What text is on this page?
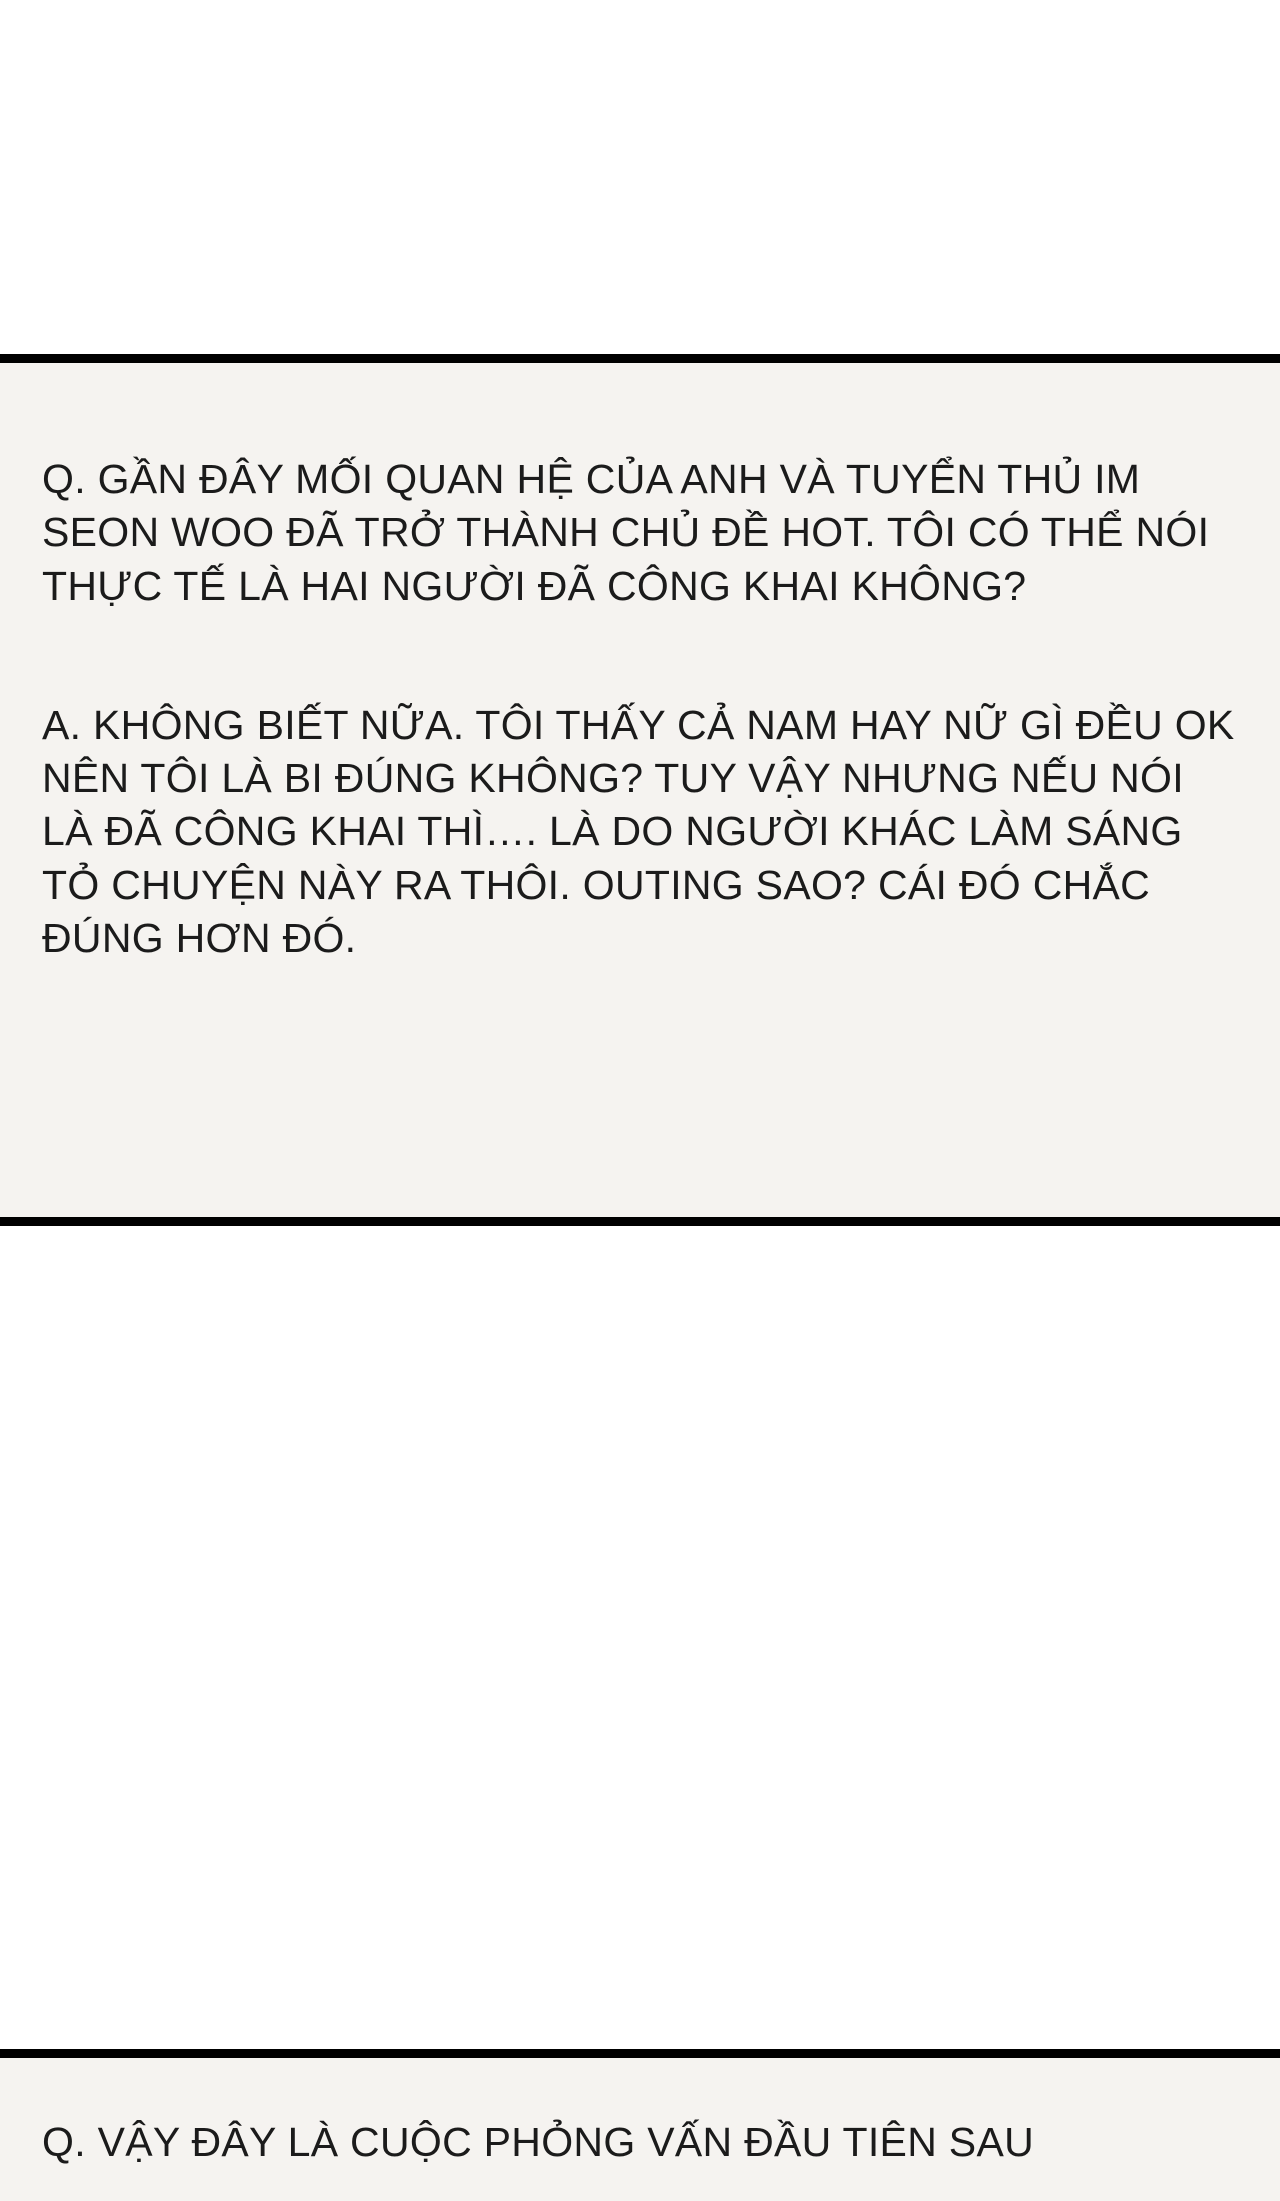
Q. GẦN ĐÂY MỐI QUAN HỆ CỦA ANH VÀ TUYỂN THỦ IM SEON WOO ĐÃ TRỞ THÀNH CHỦ ĐỀ HOT. TÔI CÓ THỂ NÓI THỰC TẾ LÀ HAI NGƯỜI ĐÃ CÔNG KHAI KHÔNG?
A. KHÔNG BIẾT NỮA. TÔI THẤY CẢ NAM HAY NỮ GÌ ĐỀU OK NÊN TÔI LÀ BI ĐÚNG KHÔNG? TUY VẬY NHƯNG NẾU NÓI LÀ ĐÃ CÔNG KHAI THÌ…. LÀ DO NGƯỜI KHÁC LÀM SÁNG TỎ CHUYỆN NÀY RA THÔI. OUTING SAO? CÁI ĐÓ CHẮC ĐÚNG HƠN ĐÓ.
Q. VẬY ĐÂY LÀ CUỘC PHỎNG VẤN ĐẦU TIÊN SAU
